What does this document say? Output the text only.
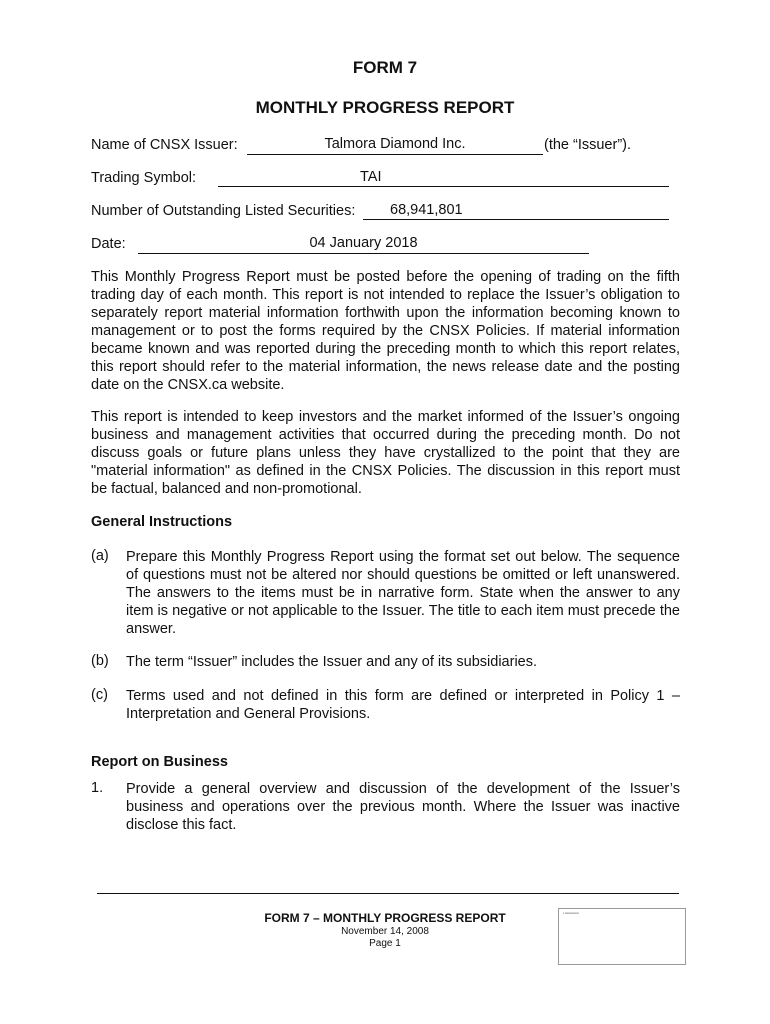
FORM 7
MONTHLY PROGRESS REPORT
Name of CNSX Issuer:	Talmora Diamond Inc.	(the “Issuer”).
Trading Symbol:	TAI
Number of Outstanding Listed Securities:	68,941,801
Date:	04 January 2018

This Monthly Progress Report must be posted before the opening of trading on the fifth trading day of each month. This report is not intended to replace the Issuer’s obligation to separately report material information forthwith upon the information becoming known to management or to post the forms required by the CNSX Policies. If material information became known and was reported during the preceding month to which this report relates, this report should refer to the material information, the news release date and the posting date on the CNSX.ca website.

This report is intended to keep investors and the market informed of the Issuer’s ongoing business and management activities that occurred during the preceding month. Do not discuss goals or future plans unless they have crystallized to the point that they are "material information" as defined in the CNSX Policies. The discussion in this report must be factual, balanced and non-promotional.

General Instructions
(a) Prepare this Monthly Progress Report using the format set out below. The sequence of questions must not be altered nor should questions be omitted or left unanswered. The answers to the items must be in narrative form. State when the answer to any item is negative or not applicable to the Issuer. The title to each item must precede the answer.

(b) The term “Issuer” includes the Issuer and any of its subsidiaries.

(c) Terms used and not defined in this form are defined or interpreted in Policy 1 – Interpretation and General Provisions.

Report on Business
1. Provide a general overview and discussion of the development of the Issuer’s business and operations over the previous month. Where the Issuer was inactive disclose this fact.

FORM 7 – MONTHLY PROGRESS REPORT
November 14, 2008
Page 1
▪ ▪▪▪▪▪▪▪▪▪▪▪▪▪
